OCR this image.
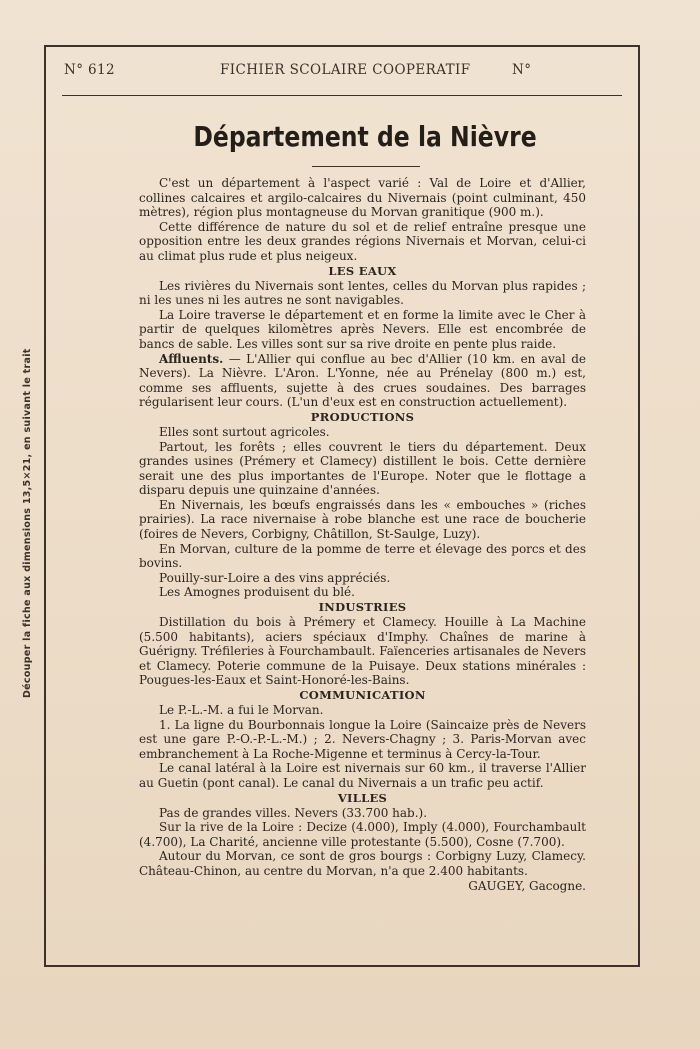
N° 612	FICHIER SCOLAIRE COOPERATIF	N°
Découper la fiche aux dimensions 13,5×21, en suivant le trait
Département de la Nièvre

C'est un département à l'aspect varié : Val de Loire et d'Allier, collines calcaires et argilo-calcaires du Nivernais (point culminant, 450 mètres), région plus montagneuse du Morvan granitique (900 m.).

Cette différence de nature du sol et de relief entraîne presque une opposition entre les deux grandes régions Nivernais et Morvan, celui-ci au climat plus rude et plus neigeux.

LES EAUX

Les rivières du Nivernais sont lentes, celles du Morvan plus rapides ; ni les unes ni les autres ne sont navigables.

La Loire traverse le département et en forme la limite avec le Cher à partir de quelques kilomètres après Nevers. Elle est encombrée de bancs de sable. Les villes sont sur sa rive droite en pente plus raide.

Affluents. — L'Allier qui conflue au bec d'Allier (10 km. en aval de Nevers). La Nièvre. L'Aron. L'Yonne, née au Prénelay (800 m.) est, comme ses affluents, sujette à des crues soudaines. Des barrages régularisent leur cours. (L'un d'eux est en construction actuellement).

PRODUCTIONS

Elles sont surtout agricoles.

Partout, les forêts ; elles couvrent le tiers du département. Deux grandes usines (Prémery et Clamecy) distillent le bois. Cette dernière serait une des plus importantes de l'Europe. Noter que le flottage a disparu depuis une quinzaine d'années.

En Nivernais, les bœufs engraissés dans les « embouches » (riches prairies). La race nivernaise à robe blanche est une race de boucherie (foires de Nevers, Corbigny, Châtillon, St-Saulge, Luzy).

En Morvan, culture de la pomme de terre et élevage des porcs et des bovins.

Pouilly-sur-Loire a des vins appréciés.

Les Amognes produisent du blé.

INDUSTRIES

Distillation du bois à Prémery et Clamecy. Houille à La Machine (5.500 habitants), aciers spéciaux d'Imphy. Chaînes de marine à Guérigny. Tréfileries à Fourchambault. Faïenceries artisanales de Nevers et Clamecy. Poterie commune de la Puisaye. Deux stations minérales : Pougues-les-Eaux et Saint-Honoré-les-Bains.

COMMUNICATION

Le P.-L.-M. a fui le Morvan.

1. La ligne du Bourbonnais longue la Loire (Saincaize près de Nevers est une gare P.-O.-P.-L.-M.) ; 2. Nevers-Chagny ; 3. Paris-Morvan avec embranchement à La Roche-Migenne et terminus à Cercy-la-Tour.

Le canal latéral à la Loire est nivernais sur 60 km., il traverse l'Allier au Guetin (pont canal). Le canal du Nivernais a un trafic peu actif.

VILLES

Pas de grandes villes. Nevers (33.700 hab.).

Sur la rive de la Loire : Decize (4.000), Imply (4.000), Fourchambault (4.700), La Charité, ancienne ville protestante (5.500), Cosne (7.700).

Autour du Morvan, ce sont de gros bourgs : Corbigny Luzy, Clamecy. Château-Chinon, au centre du Morvan, n'a que 2.400 habitants.

GAUGEY, Gacogne.
